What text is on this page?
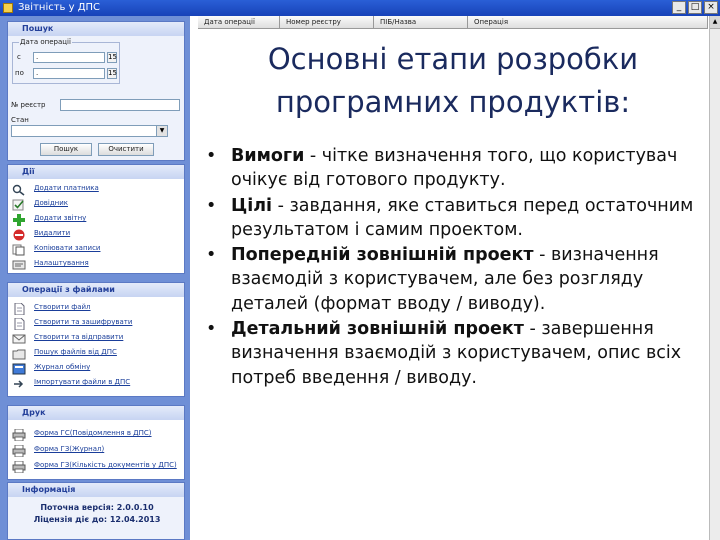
Звітність у ДПС	_	□ ×
Пошук
Дата операції
с	.	15
по	.	15
№ реєстр
Стан
▼
Пошук	Очистити
Дії
Додати платника
Довідник
Додати звітну
Видалити
Копіювати записи
Налаштування
Операції з файлами
Створити файл
Створити та зашифрувати
Створити та відправити
Пошук файлів від ДПС
Журнал обміну
Імпортувати файли в ДПС
Друк
Форма ГС(Повідомлення в ДПС)
Форма ГЗ(Журнал)
Форма ГЗ(Кількість документів у ДПС)
Інформація
Поточна версія: 2.0.0.10
Ліцензія діє до: 12.04.2013
Дата операції	Номер реєстру	ПІБ/Назва	Операція
Основні етапи розробки
програмних продуктів:
• Вимоги - чітке визначення того, що користувач очікує від готового продукту.
• Цілі - завдання, яке ставиться перед остаточним результатом і самим проектом.
• Попередній зовнішній проект - визначення взаємодій з користувачем, але без розгляду деталей (формат вводу / виводу).
• Детальний зовнішній проект - завершення визначення взаємодій з користувачем, опис всіх потреб введення / виводу.
▲
